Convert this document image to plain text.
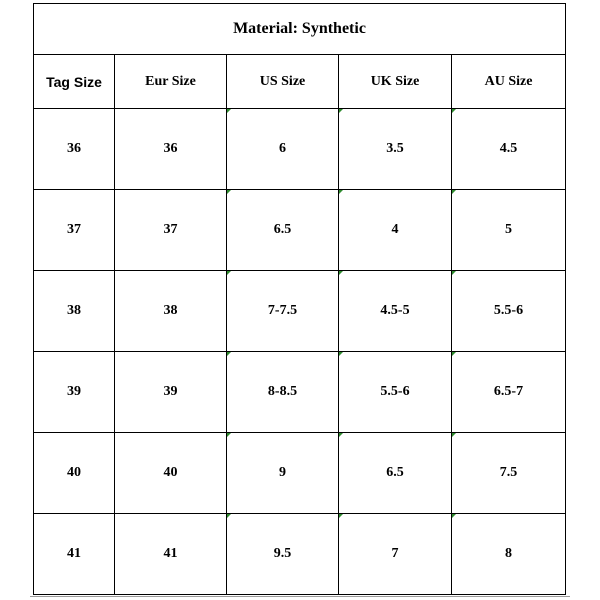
Material: Synthetic				
Tag Size	Eur Size	US Size	UK Size	AU Size
36	36	6	3.5	4.5
37	37	6.5	4	5
38	38	7-7.5	4.5-5	5.5-6
39	39	8-8.5	5.5-6	6.5-7
40	40	9	6.5	7.5
41	41	9.5	7	8
